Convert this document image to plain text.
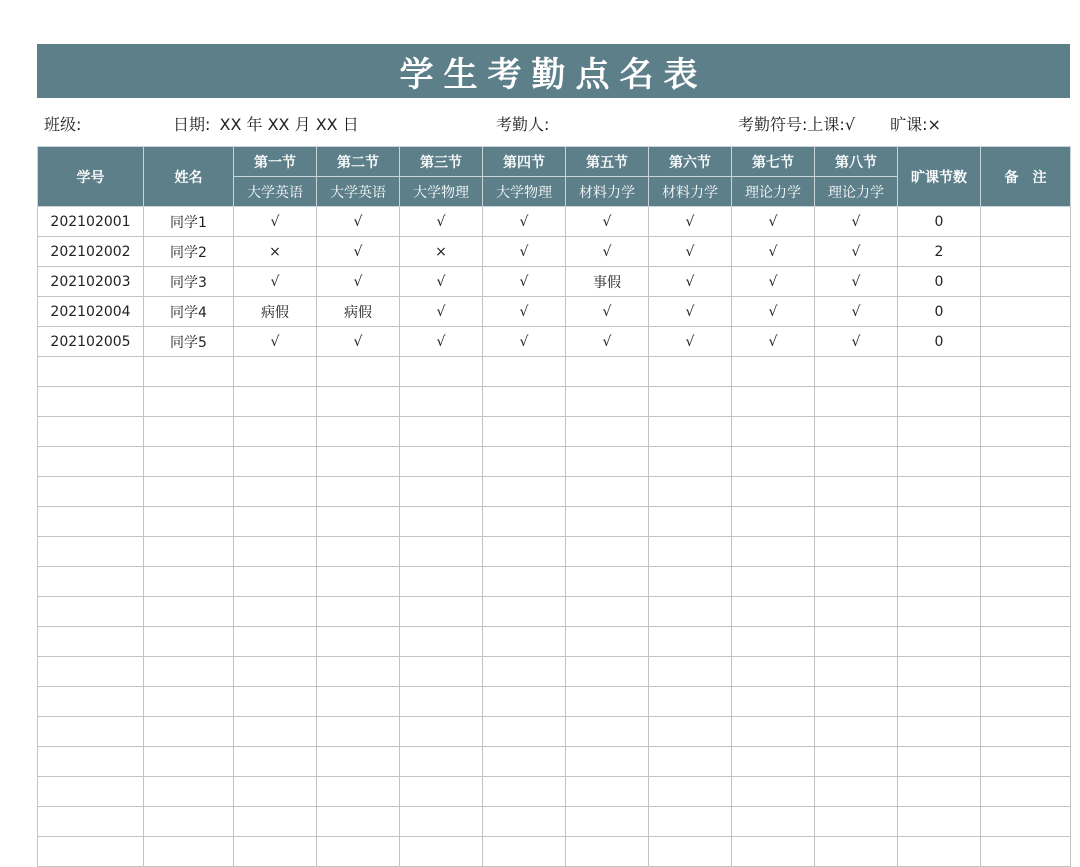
学生考勤点名表
班级:	日期: XX 年 XX 月 XX 日	考勤人:	考勤符号:上课:√ 旷课:×
学号	姓名	第一节	第二节	第三节	第四节	第五节	第六节	第七节	第八节	旷课节数	备　注
		大学英语	大学英语	大学物理	大学物理	材料力学	材料力学	理论力学	理论力学		
202102001	同学1	√	√	√	√	√	√	√	√	0	
202102002	同学2	×	√	×	√	√	√	√	√	2	
202102003	同学3	√	√	√	√	事假	√	√	√	0	
202102004	同学4	病假	病假	√	√	√	√	√	√	0	
202102005	同学5	√	√	√	√	√	√	√	√	0	
